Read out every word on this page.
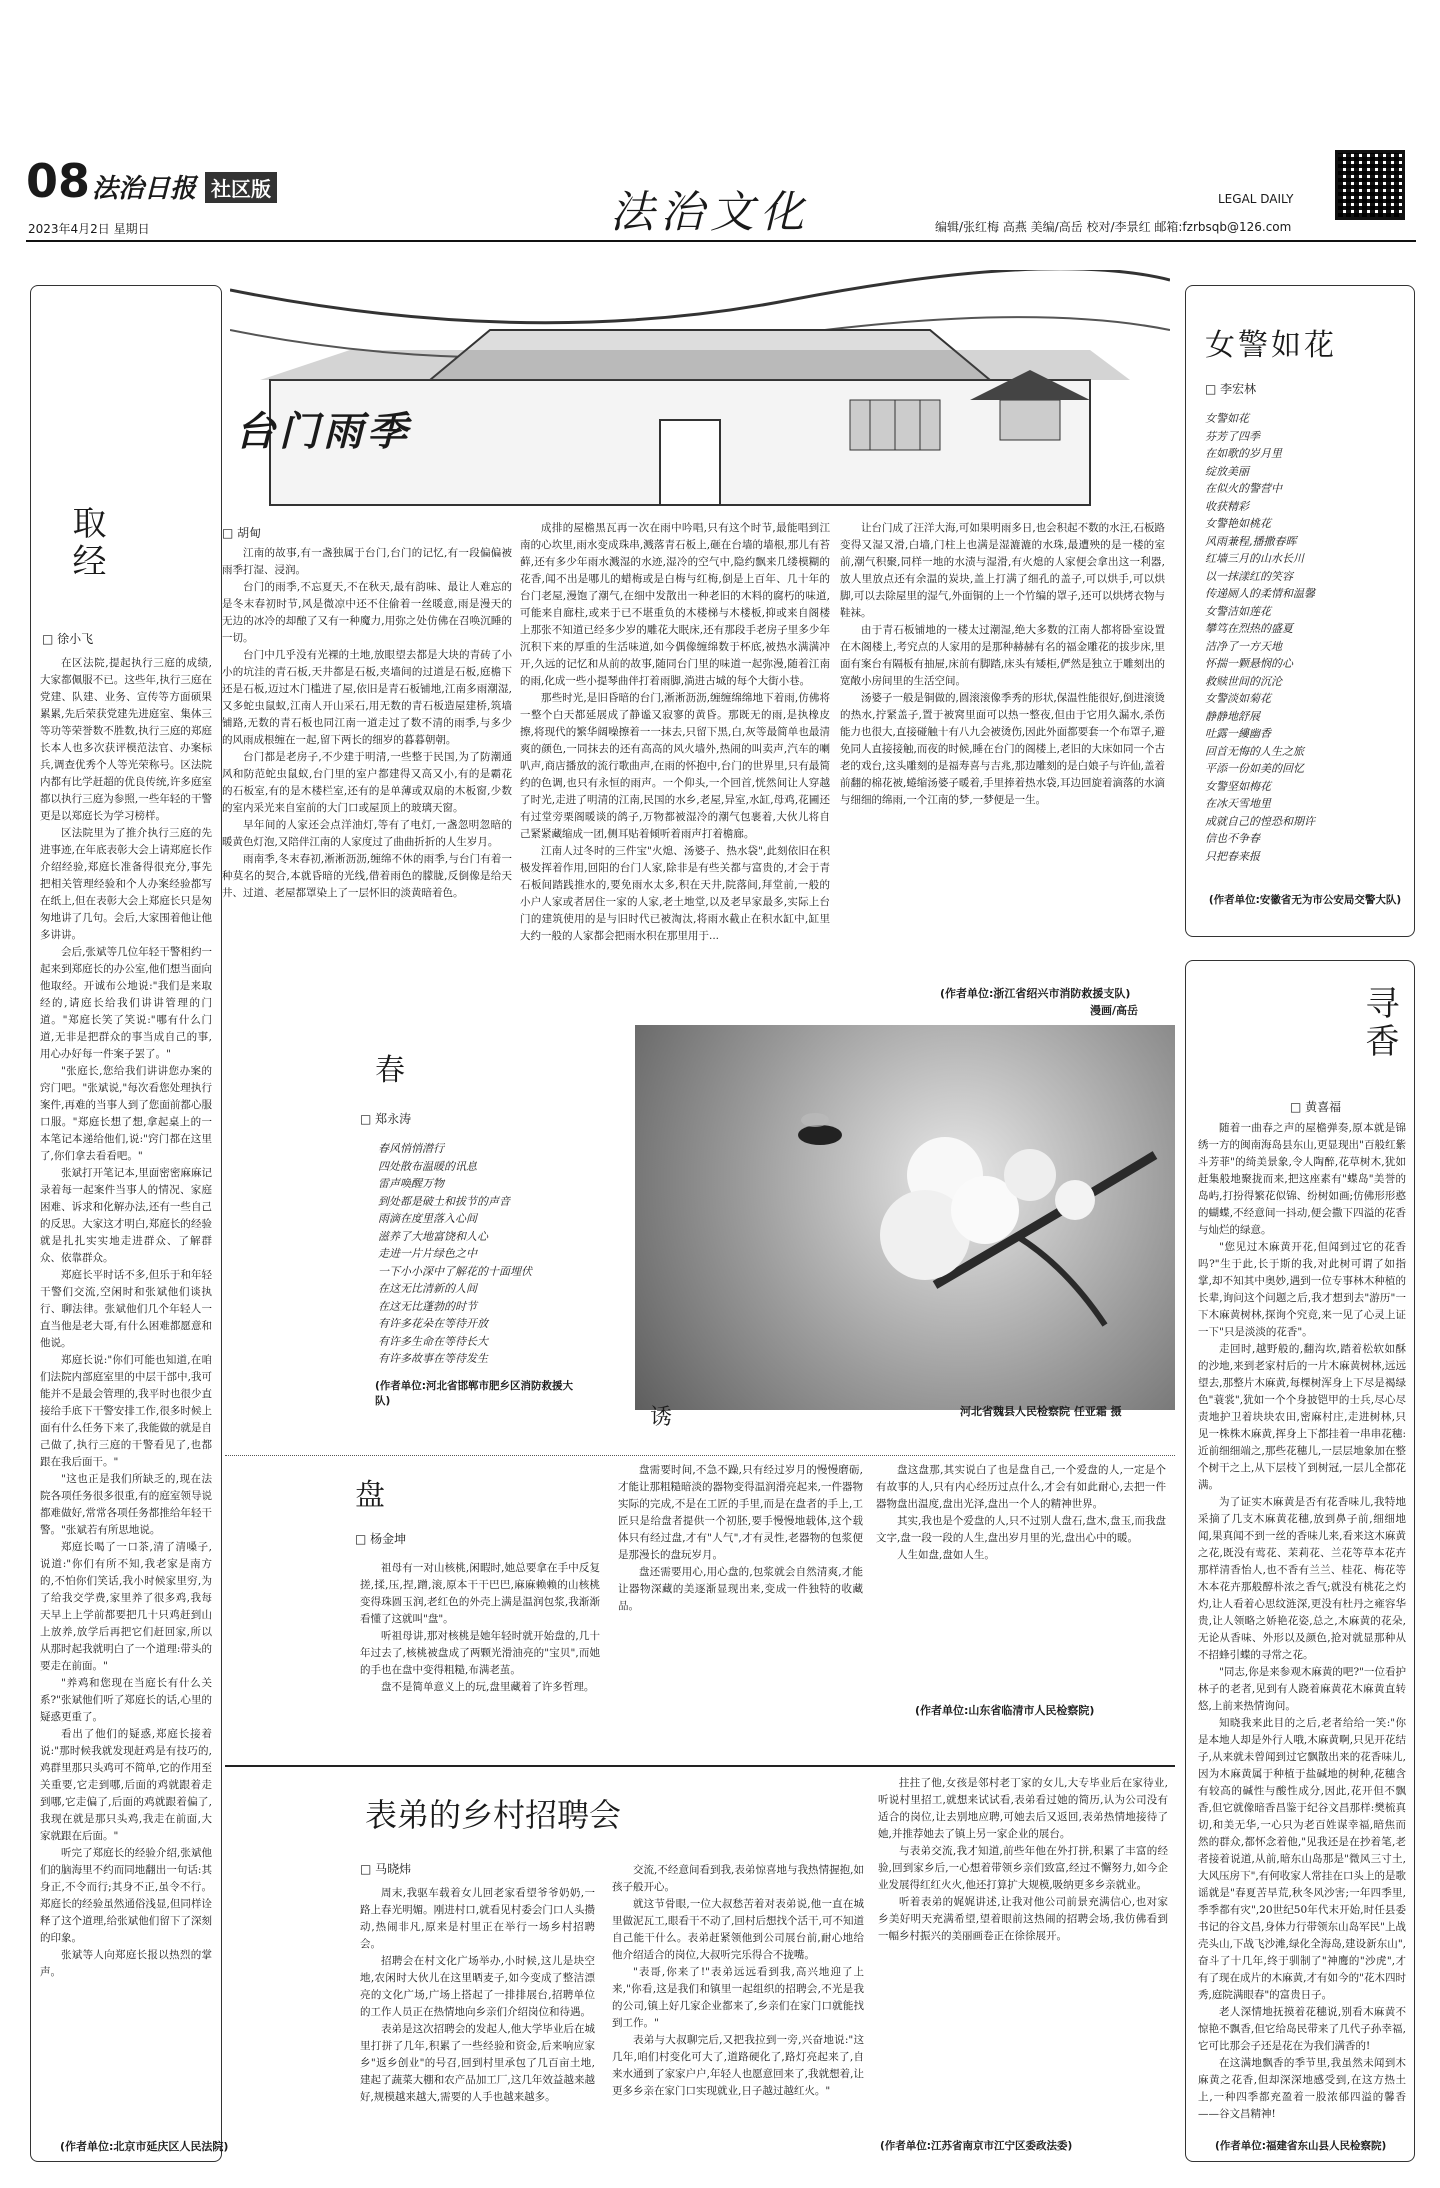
08 法治日报 社区版
2023年4月2日 星期日	法治文化	LEGAL DAILY
编辑/张红梅 高燕 美编/高岳 校对/李景红 邮箱:fzrbsqb@126.com
取经
□ 徐小飞

在区法院,提起执行三庭的成绩,大家都佩服不已。这些年,执行三庭在党建、队建、业务、宣传等方面硕果累累,先后荣获党建先进庭室、集体三等功等荣誉数不胜数,执行三庭的郑庭长本人也多次获评模范法官、办案标兵,调查优秀个人等光荣称号。区法院内都有比学赶超的优良传统,许多庭室都以执行三庭为参照,一些年轻的干警更是以郑庭长为学习榜样。

区法院里为了推介执行三庭的先进事迹,在年底表彰大会上请郑庭长作介绍经验,郑庭长准备得很充分,事先把相关管理经验和个人办案经验都写在纸上,但在表彰大会上郑庭长只是匆匆地讲了几句。会后,大家围着他让他多讲讲。

会后,张斌等几位年轻干警相约一起来到郑庭长的办公室,他们想当面向他取经。开诚布公地说:"我们是来取经的,请庭长给我们讲讲管理的门道。"郑庭长笑了笑说:"哪有什么门道,无非是把群众的事当成自己的事,用心办好每一件案子罢了。"

"张庭长,您给我们讲讲您办案的窍门吧。"张斌说,"每次看您处理执行案件,再难的当事人到了您面前都心服口服。"郑庭长想了想,拿起桌上的一本笔记本递给他们,说:"窍门都在这里了,你们拿去看看吧。"

张斌打开笔记本,里面密密麻麻记录着每一起案件当事人的情况、家庭困难、诉求和化解办法,还有一些自己的反思。大家这才明白,郑庭长的经验就是扎扎实实地走进群众、了解群众、依靠群众。

郑庭长平时话不多,但乐于和年轻干警们交流,空闲时和张斌他们谈执行、聊法律。张斌他们几个年轻人一直当他是老大哥,有什么困难都愿意和他说。

郑庭长说:"你们可能也知道,在咱们法院内部庭室里的中层干部中,我可能并不是最会管理的,我平时也很少直接给手底下干警安排工作,很多时候上面有什么任务下来了,我能做的就是自己做了,执行三庭的干警看见了,也都跟在我后面干。"

"这也正是我们所缺乏的,现在法院各项任务很多很重,有的庭室领导说都难做好,常常各项任务都推给年轻干警。"张斌若有所思地说。

郑庭长喝了一口茶,清了清嗓子,说道:"你们有所不知,我老家是南方的,不怕你们笑话,我小时候家里穷,为了给我交学费,家里养了很多鸡,我每天早上上学前都要把几十只鸡赶到山上放养,放学后再把它们赶回家,所以从那时起我就明白了一个道理:带头的要走在前面。"

"养鸡和您现在当庭长有什么关系?"张斌他们听了郑庭长的话,心里的疑惑更重了。

看出了他们的疑惑,郑庭长接着说:"那时候我就发现赶鸡是有技巧的,鸡群里那只头鸡可不简单,它的作用至关重要,它走到哪,后面的鸡就跟着走到哪,它走偏了,后面的鸡就跟着偏了,我现在就是那只头鸡,我走在前面,大家就跟在后面。"

听完了郑庭长的经验介绍,张斌他们的脑海里不约而同地翻出一句话:其身正,不令而行;其身不正,虽令不行。郑庭长的经验虽然通俗浅显,但同样诠释了这个道理,给张斌他们留下了深刻的印象。

张斌等人向郑庭长报以热烈的掌声。

(作者单位:北京市延庆区人民法院)
台门雨季
□ 胡甸

江南的故事,有一盏独属于台门,台门的记忆,有一段偏偏被雨季打湿、浸润。

台门的雨季,不忘夏天,不在秋天,最有韵味、最让人难忘的是冬末春初时节,风是微凉中还不住偷着一丝暖意,雨是漫天的无边的冰冷的却酿了又有一种魔力,用弥之处仿佛在召唤沉睡的一切。

台门中几乎没有光裸的土地,放眼望去都是大块的青砖了小小的坑洼的青石板,天井都是石板,夹墙间的过道是石板,庭檐下还是石板,迈过木门槛进了屋,依旧是青石板铺地,江南多雨潮湿,又多蛇虫鼠蚁,江南人开山采石,用无数的青石板造屋建桥,筑墙铺路,无数的青石板也同江南一道走过了数不清的雨季,与多少的风雨成根缠在一起,留下两长的细岁的暮暮朝朝。

台门都是老房子,不少建于明清,一些整于民国,为了防潮通风和防范蛇虫鼠蚁,台门里的室户都建得又高又小,有的是霸花的石板室,有的是木楼栏室,还有的是单薄或双扇的木板窗,少数的室内采光来自室前的大门口或屋顶上的玻璃天窗。

早年间的人家还会点洋油灯,等有了电灯,一盏忽明忽暗的暖黄色灯泡,又陪伴江南的人家度过了曲曲折折的人生岁月。

雨南季,冬末春初,淅淅沥沥,缠绵不休的雨季,与台门有着一种莫名的契合,本就昏暗的光线,借着雨色的朦胧,反倒像是给天井、过道、老屋都罩染上了一层怀旧的淡黄暗着色。

成排的屋檐黑瓦再一次在雨中吟唱,只有这个时节,最能唱到江南的心坎里,雨水变成珠串,溅落青石板上,砸在台墙的墙根,那儿有苔藓,还有多少年雨水溅湿的水迹,湿冷的空气中,隐约飘来几缕模糊的花香,闻不出是哪儿的蜡梅或是白梅与红梅,倒是上百年、几十年的台门老屋,漫饱了潮气,在细中发散出一种老旧的木料的腐朽的味道,可能来自廊柱,或来于已不堪重负的木楼梯与木楼板,抑或来自阁楼上那张不知道已经多少岁的雕花大眠床,还有那段手老房子里多少年沉积下来的厚重的生活味道,如今偶像缠绵数于杯底,被热水满满冲开,久远的记忆和从前的故事,随同台门里的味道一起弥漫,随着江南的雨,化成一些小提琴曲伴打着雨脚,淌进古城的每个大街小巷。

那些时光,是旧昏暗的台门,淅淅沥沥,缠缠绵绵地下着雨,仿佛将一整个白天都延展成了静谧又寂寥的黄昏。那既无的雨,是执橡皮擦,将现代的繁华阔噪擦着一一抹去,只留下黑,白,灰等最简单也最清爽的颜色,一同抹去的还有高高的风火墙外,热闹的叫卖声,汽车的喇叭声,商店播放的流行歌曲声,在雨的怀抱中,台门的世界里,只有最简约的色调,也只有永恒的雨声。一个仰头,一个回首,恍然间让人穿越了时光,走进了明清的江南,民国的水乡,老屋,异室,水缸,母鸡,花圃还有过堂旁栗阁暖谈的鸽子,万物都被湿冷的潮气包裹着,大伙儿将自己紧紧藏缩成一团,侧耳贴着倾听着雨声打着檐廊。

江南人过冬时的三件宝"火熄、汤婆子、热水袋",此刻依旧在积极发挥着作用,回阳的台门人家,除非是有些关都与富贵的,才会于青石板间踏践推水的,要免雨水太多,积在天井,院落间,拜堂前,一般的小户人家或者居住一家的人家,老土地堂,以及老早家最多,实际上台门的建筑使用的是与旧时代已被淘汰,将雨水截止在积水缸中,缸里大约一般的人家都会把雨水积在那里用于...

让台门成了汪洋大海,可如果明雨多日,也会积起不数的水汪,石板路变得又湿又滑,白墙,门柱上也满是湿漉漉的水珠,最遭殃的是一楼的室前,潮气积聚,同样一地的水渍与湿滑,有火熄的人家便会拿出这一利器,放人里放点还有余温的炭块,盖上打满了细孔的盖子,可以烘手,可以烘脚,可以去除屋里的湿气,外面铜的上一个竹编的罩子,还可以烘烤衣物与鞋袜。

由于青石板铺地的一楼太过潮湿,绝大多数的江南人都将卧室设置在木阁楼上,考究点的人家用的是那种赫赫有名的福金雕花的拔步床,里面有案台有隔板有抽屉,床前有脚踏,床头有矮柜,俨然是独立于雕刻出的宽敞小房间里的生活空间。

汤婆子一般是铜做的,圆滚滚像季秀的形状,保温性能很好,倒进滚烫的热水,拧紧盖子,置于被窝里面可以热一整夜,但由于它用久漏水,杀伤能力也很大,直接碰触十有八九会被烫伤,因此外面都要套一个布罩子,避免同人直接接触,而夜的时候,睡在台门的阁楼上,老旧的大床如同一个古老的戏台,这头雕刻的是福寿喜与吉兆,那边雕刻的是白娘子与许仙,盖着前翻的棉花被,蜷缩汤婆子暖着,手里捧着热水袋,耳边回旋着滴落的水滴与细细的绵雨,一个江南的梦,一梦便是一生。

(作者单位:浙江省绍兴市消防救援支队)
漫画/高岳
女警如花
□ 李宏林

女警如花

芬芳了四季

在如歌的岁月里

绽放美丽

在似火的警营中

收获精彩

女警艳如桃花

风雨兼程,播撒春晖

红墙三月的山水长川

以一抹漾红的笑容

传递厕人的柔情和温馨

女警洁如莲花

攀笃在烈热的盛夏

洁净了一方天地

怀揣一颗悬悯的心

救赎世间的沉沦

女警淡如菊花

静静地舒展

吐露一縷幽香

回首无悔的人生之旅

平添一份如美的回忆

女警坚如梅花

在冰天雪地里

成就自己的惶恐和期许

信也不争春

只把春来报

(作者单位:安徽省无为市公安局交警大队)
春
□ 郑永涛

春风悄悄潜行

四处散布温暖的讯息

雷声唤醒万物

到处都是破土和拔节的声音

雨滴在度里落入心间

滋养了大地富饶和人心

走进一片片绿色之中

一下小小深中了解花的十面埋伏

在这无比清新的人间

在这无比蓬勃的时节

有许多花朵在等待开放

有许多生命在等待长大

有许多故事在等待发生

(作者单位:河北省邯郸市肥乡区消防救援大队)
诱	河北省魏县人民检察院 任亚霜 摄
寻香
□ 黄喜福

随着一曲春之声的屋檐弹奏,原本就是锦绣一方的闽南海岛县东山,更显现出"百般红紫斗芳菲"的绮美景象,令人陶醉,花草树木,犹如赶集般地聚拢而来,把这座素有"蝶岛"美誉的岛屿,打扮得繁花似锦、纷树如画;仿佛形形憨的蝴蝶,不经意间一抖动,便会撒下四溢的花香与灿烂的绿意。

"您见过木麻黄开花,但闻到过它的花香吗?"生于此,长于斯的我,对此树可谓了如指掌,却不知其中奥妙,遇到一位专事林木种植的长辈,询问这个问题之后,我才想到去"游历"一下木麻黄树林,探询个究竟,来一见了心灵上证一下"只是淡淡的花香"。

走回时,越野般的,翻沟坎,踏着松软如酥的沙地,来到老家村后的一片木麻黄树林,远远望去,那整片木麻黄,每棵树浑身上下尽是褐绿色"蓑裳",犹如一个个身披铠甲的士兵,尽心尽责地护卫着块块农田,密麻村庄,走进树林,只见一株株木麻黄,挥身上下都挂着一串串花穗:近前细细端之,那些花穗儿,一层层地象加在整个树干之上,从下层枝丫到树冠,一层儿全都花满。

为了证实木麻黄是否有花香味儿,我特地采摘了几支木麻黄花穗,放到鼻子前,细细地闻,果真闻不到一丝的香味儿来,看来这木麻黄之花,既没有莺花、茉莉花、兰花等草本花卉那样清香怡人,也不香有兰兰、桂花、梅花等木本花卉那般醇朴浓之香气;就没有桃花之灼灼,让人看着心思纹涟深,更没有杜丹之雍容华贵,让人领略之娇艳花姿,总之,木麻黄的花朵,无论从香味、外形以及颜色,抢对就显那种从不招蜂引蝶的寻常之花。

"同志,你是来参观木麻黄的吧?"一位看护林子的老者,见到有人跷着麻黄花木麻黄直转悠,上前来热情询问。

知晓我来此目的之后,老者给给一笑:"你是本地人却是外行人哦,木麻黄啊,只见开花结子,从来就未曾闻到过它飘散出来的花香味儿,因为木麻黄属于种植于盐碱地的树种,花穗含有较高的碱性与酸性成分,因此,花开但不飘香,但它就像暗香昌鉴于纪谷文昌那样:樊梳真切,和美无华,一心只为老百姓谋幸福,暗焦而然的群众,都怀念着他,"见我还是在抄着笔,老者接着说道,从前,暗东山岛那是"微风三寸土,大风压房下",有何收家人常挂在口头上的是歌谣就是"春夏苦旱荒,秋冬风沙害;一年四季里,季季都有灾",20世纪50年代末开始,时任县委书记的谷文昌,身体力行带领东山岛军民"上战壳头山,下战飞沙滩,绿化全海岛,建设新东山",奋斗了十几年,终于驯制了"神鹰的"沙虎",才有了现在成片的木麻黄,才有如今的"花木四时秀,庭院满眼春"的富贵日子。

老人深情地抚摸着花穗说,别看木麻黄不惊艳不飘香,但它给岛民带来了几代子孙幸福,它可比那会子还是花在为我们满香的!

在这满地飘香的季节里,我虽然未闻到木麻黄之花香,但却深深地感受到,在这方热土上,一种四季都充盈着一股浓郁四溢的馨香——谷文昌精神!

(作者单位:福建省东山县人民检察院)
盘
□ 杨金坤

祖母有一对山核桃,闲暇时,她总要拿在手中反复搓,揉,压,捏,蹭,滚,原本干干巴巴,麻麻赖赖的山核桃变得珠圆玉润,老红色的外壳上满是温润包浆,我渐渐看懂了这就叫"盘"。

听祖母讲,那对核桃是她年轻时就开始盘的,几十年过去了,核桃被盘成了两颗光滑油亮的"宝贝",而她的手也在盘中变得粗糙,布满老茧。

盘不是简单意义上的玩,盘里藏着了许多哲理。

盘需要时间,不急不躁,只有经过岁月的慢慢磨砺,才能让那粗糙暗淡的器物变得温润滑亮起来,一件器物实际的完成,不是在工匠的手里,而是在盘者的手上,工匠只是给盘者提供一个初胚,要手慢慢地载体,这个载体只有经过盘,才有"人气",才有灵性,老器物的包浆便是那漫长的盘玩岁月。

盘还需要用心,用心盘的,包浆就会自然清爽,才能让器物深藏的美逐渐显现出来,变成一件独特的收藏品。

盘这盘那,其实说白了也是盘自己,一个爱盘的人,一定是个有故事的人,只有内心经历过点什么,才会有如此耐心,去把一件器物盘出温度,盘出光泽,盘出一个人的精神世界。

其实,我也是个爱盘的人,只不过别人盘石,盘木,盘玉,而我盘文字,盘一段一段的人生,盘出岁月里的光,盘出心中的暖。

人生如盘,盘如人生。

(作者单位:山东省临清市人民检察院)
表弟的乡村招聘会
□ 马晓炜

周末,我驱车载着女儿回老家看望爷爷奶奶,一路上春光明媚。刚进村口,就看见村委会门口人头攒动,热闹非凡,原来是村里正在举行一场乡村招聘会。

招聘会在村文化广场举办,小时候,这儿是块空地,农闲时大伙儿在这里晒麦子,如今变成了整洁漂亮的文化广场,广场上搭起了一排排展台,招聘单位的工作人员正在热情地向乡亲们介绍岗位和待遇。

表弟是这次招聘会的发起人,他大学毕业后在城里打拼了几年,积累了一些经验和资金,后来响应家乡"返乡创业"的号召,回到村里承包了几百亩土地,建起了蔬菜大棚和农产品加工厂,这几年效益越来越好,规模越来越大,需要的人手也越来越多。

交流,不经意间看到我,表弟惊喜地与我热情握抱,如孩子般开心。

就这节骨眼,一位大叔愁苦着对表弟说,他一直在城里做泥瓦工,眼看干不动了,回村后想找个活干,可不知道自己能干什么。表弟赶紧领他到公司展台前,耐心地给他介绍适合的岗位,大叔听完乐得合不拢嘴。

"表哥,你来了!"表弟远远看到我,高兴地迎了上来,"你看,这是我们和镇里一起组织的招聘会,不光是我的公司,镇上好几家企业都来了,乡亲们在家门口就能找到工作。"

表弟与大叔聊完后,又把我拉到一旁,兴奋地说:"这几年,咱们村变化可大了,道路硬化了,路灯亮起来了,自来水通到了家家户户,年轻人也愿意回来了,我就想着,让更多乡亲在家门口实现就业,日子越过越红火。"

拄拄了他,女孩是邻村老丁家的女儿,大专毕业后在家待业,听说村里招工,就想来试试看,表弟看过她的简历,认为公司没有适合的岗位,让去别地应聘,可她去后又返回,表弟热情地接待了她,并推荐她去了镇上另一家企业的展台。

与表弟交流,我才知道,前些年他在外打拼,积累了丰富的经验,回到家乡后,一心想着带领乡亲们致富,经过不懈努力,如今企业发展得红红火火,他还打算扩大规模,吸纳更多乡亲就业。

听着表弟的娓娓讲述,让我对他公司前景充满信心,也对家乡美好明天充满希望,望着眼前这热闹的招聘会场,我仿佛看到一幅乡村振兴的美丽画卷正在徐徐展开。

(作者单位:江苏省南京市江宁区委政法委)
